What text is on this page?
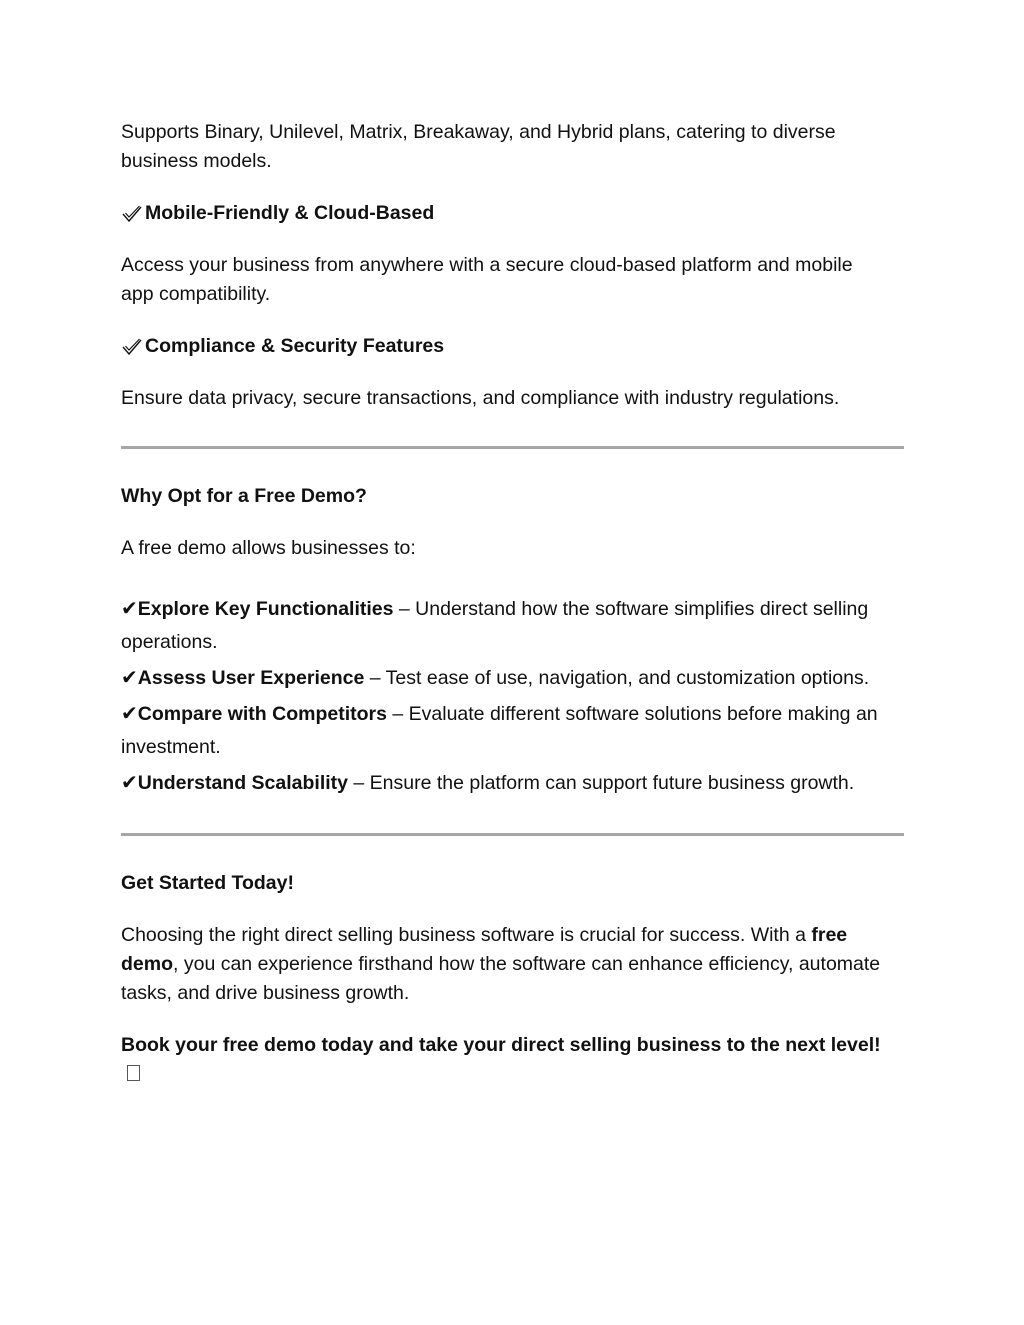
Supports Binary, Unilevel, Matrix, Breakaway, and Hybrid plans, catering to diverse business models.

Mobile-Friendly & Cloud-Based

Access your business from anywhere with a secure cloud-based platform and mobile app compatibility.

Compliance & Security Features

Ensure data privacy, secure transactions, and compliance with industry regulations.

Why Opt for a Free Demo?

A free demo allows businesses to:

✔Explore Key Functionalities – Understand how the software simplifies direct selling operations.

✔Assess User Experience – Test ease of use, navigation, and customization options.

✔Compare with Competitors – Evaluate different software solutions before making an investment.

✔Understand Scalability – Ensure the platform can support future business growth.

Get Started Today!

Choosing the right direct selling business software is crucial for success. With a free demo, you can experience firsthand how the software can enhance efficiency, automate tasks, and drive business growth.

Book your free demo today and take your direct selling business to the next level!
